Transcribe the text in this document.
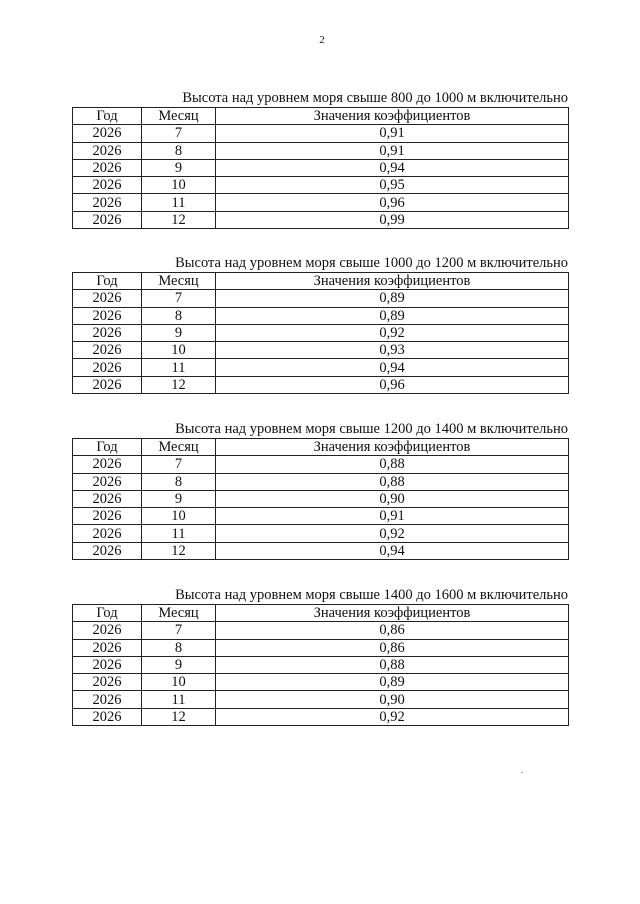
2
Высота над уровнем моря свыше 800 до 1000 м включительно
Год	Месяц	Значения коэффициентов
2026	7	0,91
2026	8	0,91
2026	9	0,94
2026	10	0,95
2026	11	0,96
2026	12	0,99
Высота над уровнем моря свыше 1000 до 1200 м включительно
Год	Месяц	Значения коэффициентов
2026	7	0,89
2026	8	0,89
2026	9	0,92
2026	10	0,93
2026	11	0,94
2026	12	0,96
Высота над уровнем моря свыше 1200 до 1400 м включительно
Год	Месяц	Значения коэффициентов
2026	7	0,88
2026	8	0,88
2026	9	0,90
2026	10	0,91
2026	11	0,92
2026	12	0,94
Высота над уровнем моря свыше 1400 до 1600 м включительно
Год	Месяц	Значения коэффициентов
2026	7	0,86
2026	8	0,86
2026	9	0,88
2026	10	0,89
2026	11	0,90
2026	12	0,92
